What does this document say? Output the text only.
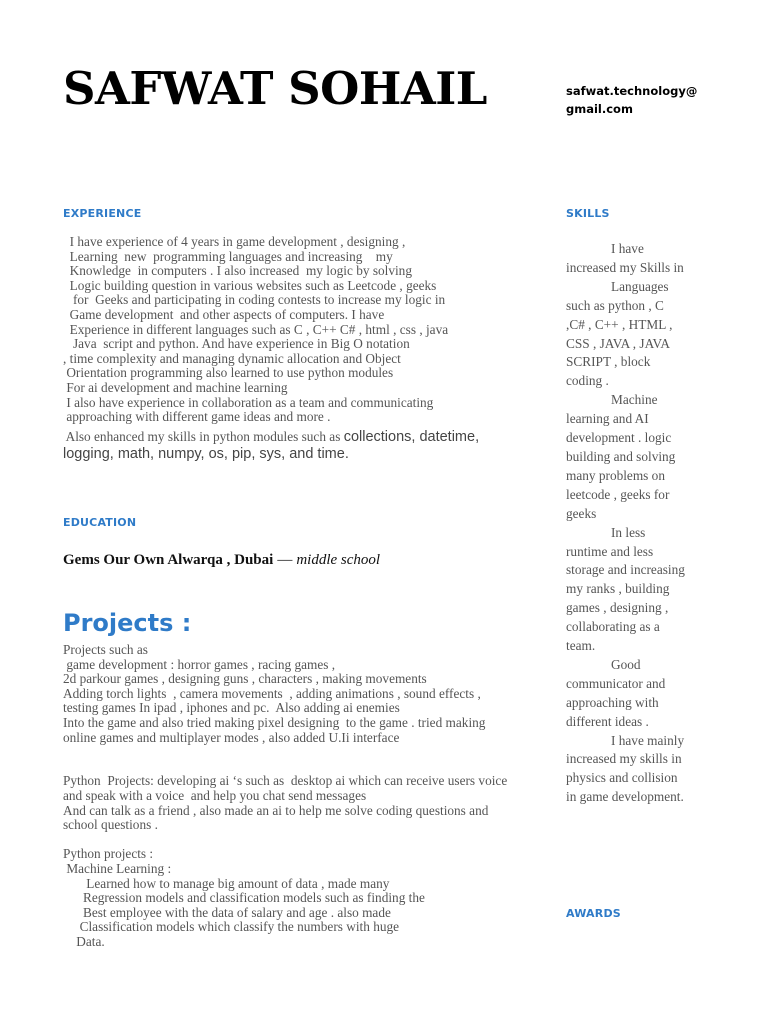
SAFWAT SOHAIL	safwat.technology@
gmail.com
EXPERIENCE
I have experience of 4 years in game development , designing ,
Learning  new  programming languages and increasing    my
Knowledge  in computers . I also increased  my logic by solving
Logic building question in various websites such as Leetcode , geeks
for  Geeks and participating in coding contests to increase my logic in
Game development  and other aspects of computers. I have
Experience in different languages such as C , C++ C# , html , css , java
Java  script and python. And have experience in Big O notation
, time complexity and managing dynamic allocation and Object
Orientation programming also learned to use python modules
For ai development and machine learning
I also have experience in collaboration as a team and communicating
approaching with different game ideas and more .

Also enhanced my skills in python modules such as collections, datetime, logging, math, numpy, os, pip, sys, and time.

EDUCATION
Gems Our Own Alwarqa , Dubai — middle school
Projects :
Projects such as
game development : horror games , racing games ,
2d parkour games , designing guns , characters , making movements
Adding torch lights  , camera movements  , adding animations , sound effects ,
testing games In ipad , iphones and pc.  Also adding ai enemies
Into the game and also tried making pixel designing  to the game . tried making
online games and multiplayer modes , also added U.Ii interface

Python  Projects: developing ai ‘s such as  desktop ai which can receive users voice
and speak with a voice  and help you chat send messages
And can talk as a friend , also made an ai to help me solve coding questions and
school questions .

Python projects :
Machine Learning :
Learned how to manage big amount of data , made many
Regression models and classification models such as finding the
Best employee with the data of salary and age . also made
Classification models which classify the numbers with huge
Data.
SKILLS

I have increased my Skills in

Languages such as python , C ,C# , C++ , HTML , CSS , JAVA , JAVA SCRIPT , block coding .

Machine learning and AI development . logic building and solving many problems on leetcode , geeks for geeks

In less runtime and less storage and increasing my ranks , building games , designing , collaborating as a team.

Good communicator and approaching with different ideas .

I have mainly increased my skills in physics and collision in game development.

AWARDS
